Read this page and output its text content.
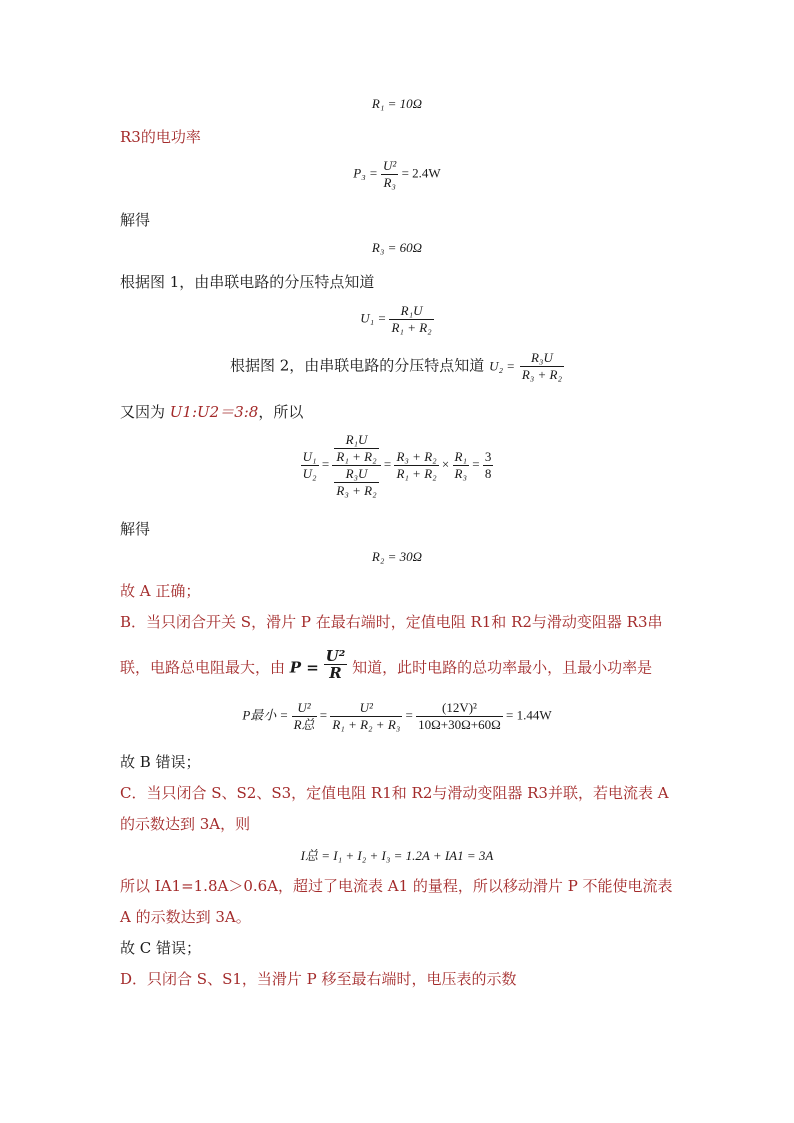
R₁ = 10Ω
R3的电功率
$P_3 = \frac{\text{U²}}{\text{R₃}} = 2.4W$
解得
R₃ = 60Ω
根据图 1，由串联电路的分压特点知道
$U_1 = \frac{\text{R₁U}}{\text{R₁ + R₂}}$
根据图 2，由串联电路的分压特点知道 $U_2 = \frac{\text{R₃U}}{\text{R₃ + R₂}}$
又因为 U1:U2＝3:8，所以
$\frac{\text{U₁}}{\text{U₂}} = \frac{\frac{\text{R₁U}}{\text{R₁ + R₂}}}{\frac{\text{R₃U}}{\text{R₃ + R₂}}} = \frac{\text{R₃ + R₂}}{\text{R₁ + R₂}} \times \frac{\text{R₁}}{\text{R₃}} = \frac{3}{8}$
解得
R₂ = 30Ω
故 A 正确；
B．当只闭合开关 S，滑片 P 在最右端时，定值电阻 R1和 R2与滑动变阻器 R3串
联，电路总电阻最大，由 $P = \frac{\text{U²}}{R}$ 知道，此时电路的总功率最小，且最小功率是
P最小 = $\frac{\text{U²}}{\text{R总}} = \frac{\text{U²}}{\text{R₁ + R₂ + R₃}} = \frac{\text{(12V)²}}{10\Omega+30\Omega+60\Omega} = 1.44W$
故 B 错误；
C．当只闭合 S、S2、S3，定值电阻 R1和 R2与滑动变阻器 R3并联，若电流表 A
的示数达到 3A，则
I总 = I₁ + I₂ + I₃ = 1.2A + IA1 = 3A
所以 IA1=1.8A＞0.6A，超过了电流表 A1 的量程，所以移动滑片 P 不能使电流表
A 的示数达到 3A。
故 C 错误；
D．只闭合 S、S1，当滑片 P 移至最右端时，电压表的示数
